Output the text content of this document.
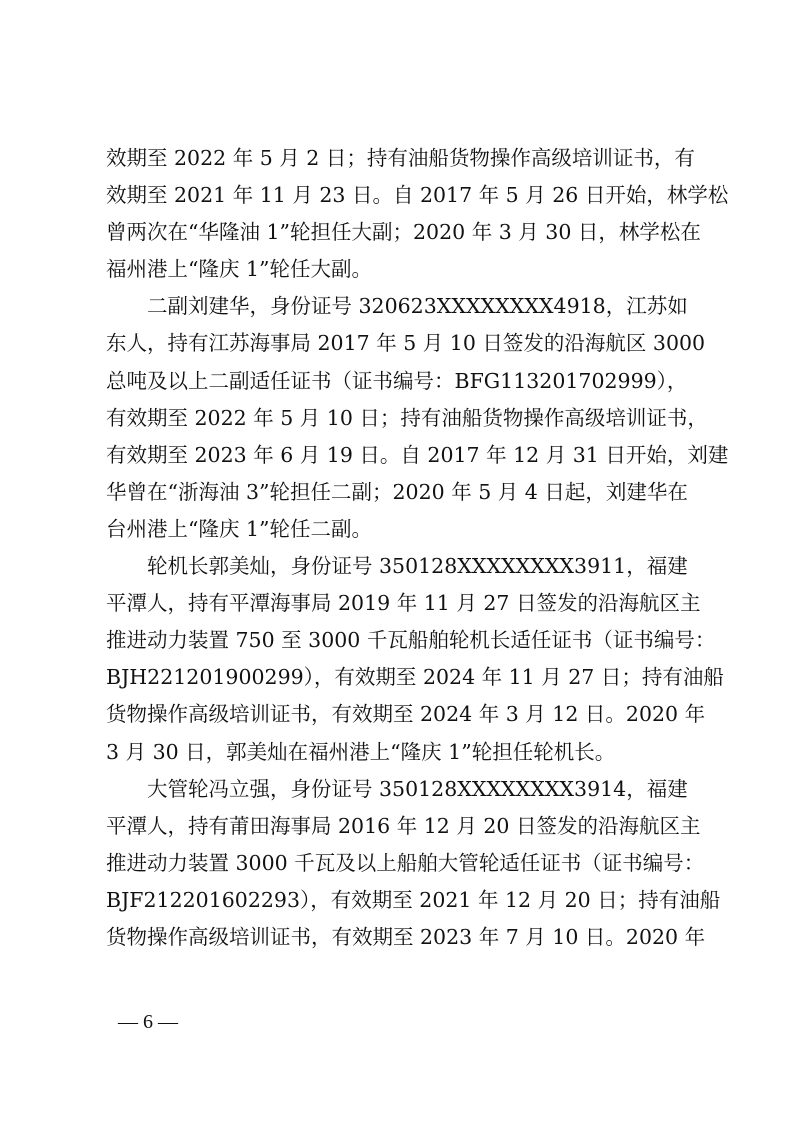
效期至 2022 年 5 月 2 日；持有油船货物操作高级培训证书，有
效期至 2021 年 11 月 23 日。自 2017 年 5 月 26 日开始，林学松
曾两次在“华隆油 1”轮担任大副；2020 年 3 月 30 日，林学松在
福州港上“隆庆 1”轮任大副。
二副刘建华，身份证号 320623XXXXXXXX4918，江苏如
东人，持有江苏海事局 2017 年 5 月 10 日签发的沿海航区 3000
总吨及以上二副适任证书（证书编号：BFG113201702999），
有效期至 2022 年 5 月 10 日；持有油船货物操作高级培训证书，
有效期至 2023 年 6 月 19 日。自 2017 年 12 月 31 日开始，刘建
华曾在“浙海油 3”轮担任二副；2020 年 5 月 4 日起，刘建华在
台州港上“隆庆 1”轮任二副。
轮机长郭美灿，身份证号 350128XXXXXXXX3911，福建
平潭人，持有平潭海事局 2019 年 11 月 27 日签发的沿海航区主
推进动力装置 750 至 3000 千瓦船舶轮机长适任证书（证书编号：
BJH221201900299），有效期至 2024 年 11 月 27 日；持有油船
货物操作高级培训证书，有效期至 2024 年 3 月 12 日。2020 年
3 月 30 日，郭美灿在福州港上“隆庆 1”轮担任轮机长。
大管轮冯立强，身份证号 350128XXXXXXXX3914，福建
平潭人，持有莆田海事局 2016 年 12 月 20 日签发的沿海航区主
推进动力装置 3000 千瓦及以上船舶大管轮适任证书（证书编号：
BJF212201602293），有效期至 2021 年 12 月 20 日；持有油船
货物操作高级培训证书，有效期至 2023 年 7 月 10 日。2020 年
— 6 —
